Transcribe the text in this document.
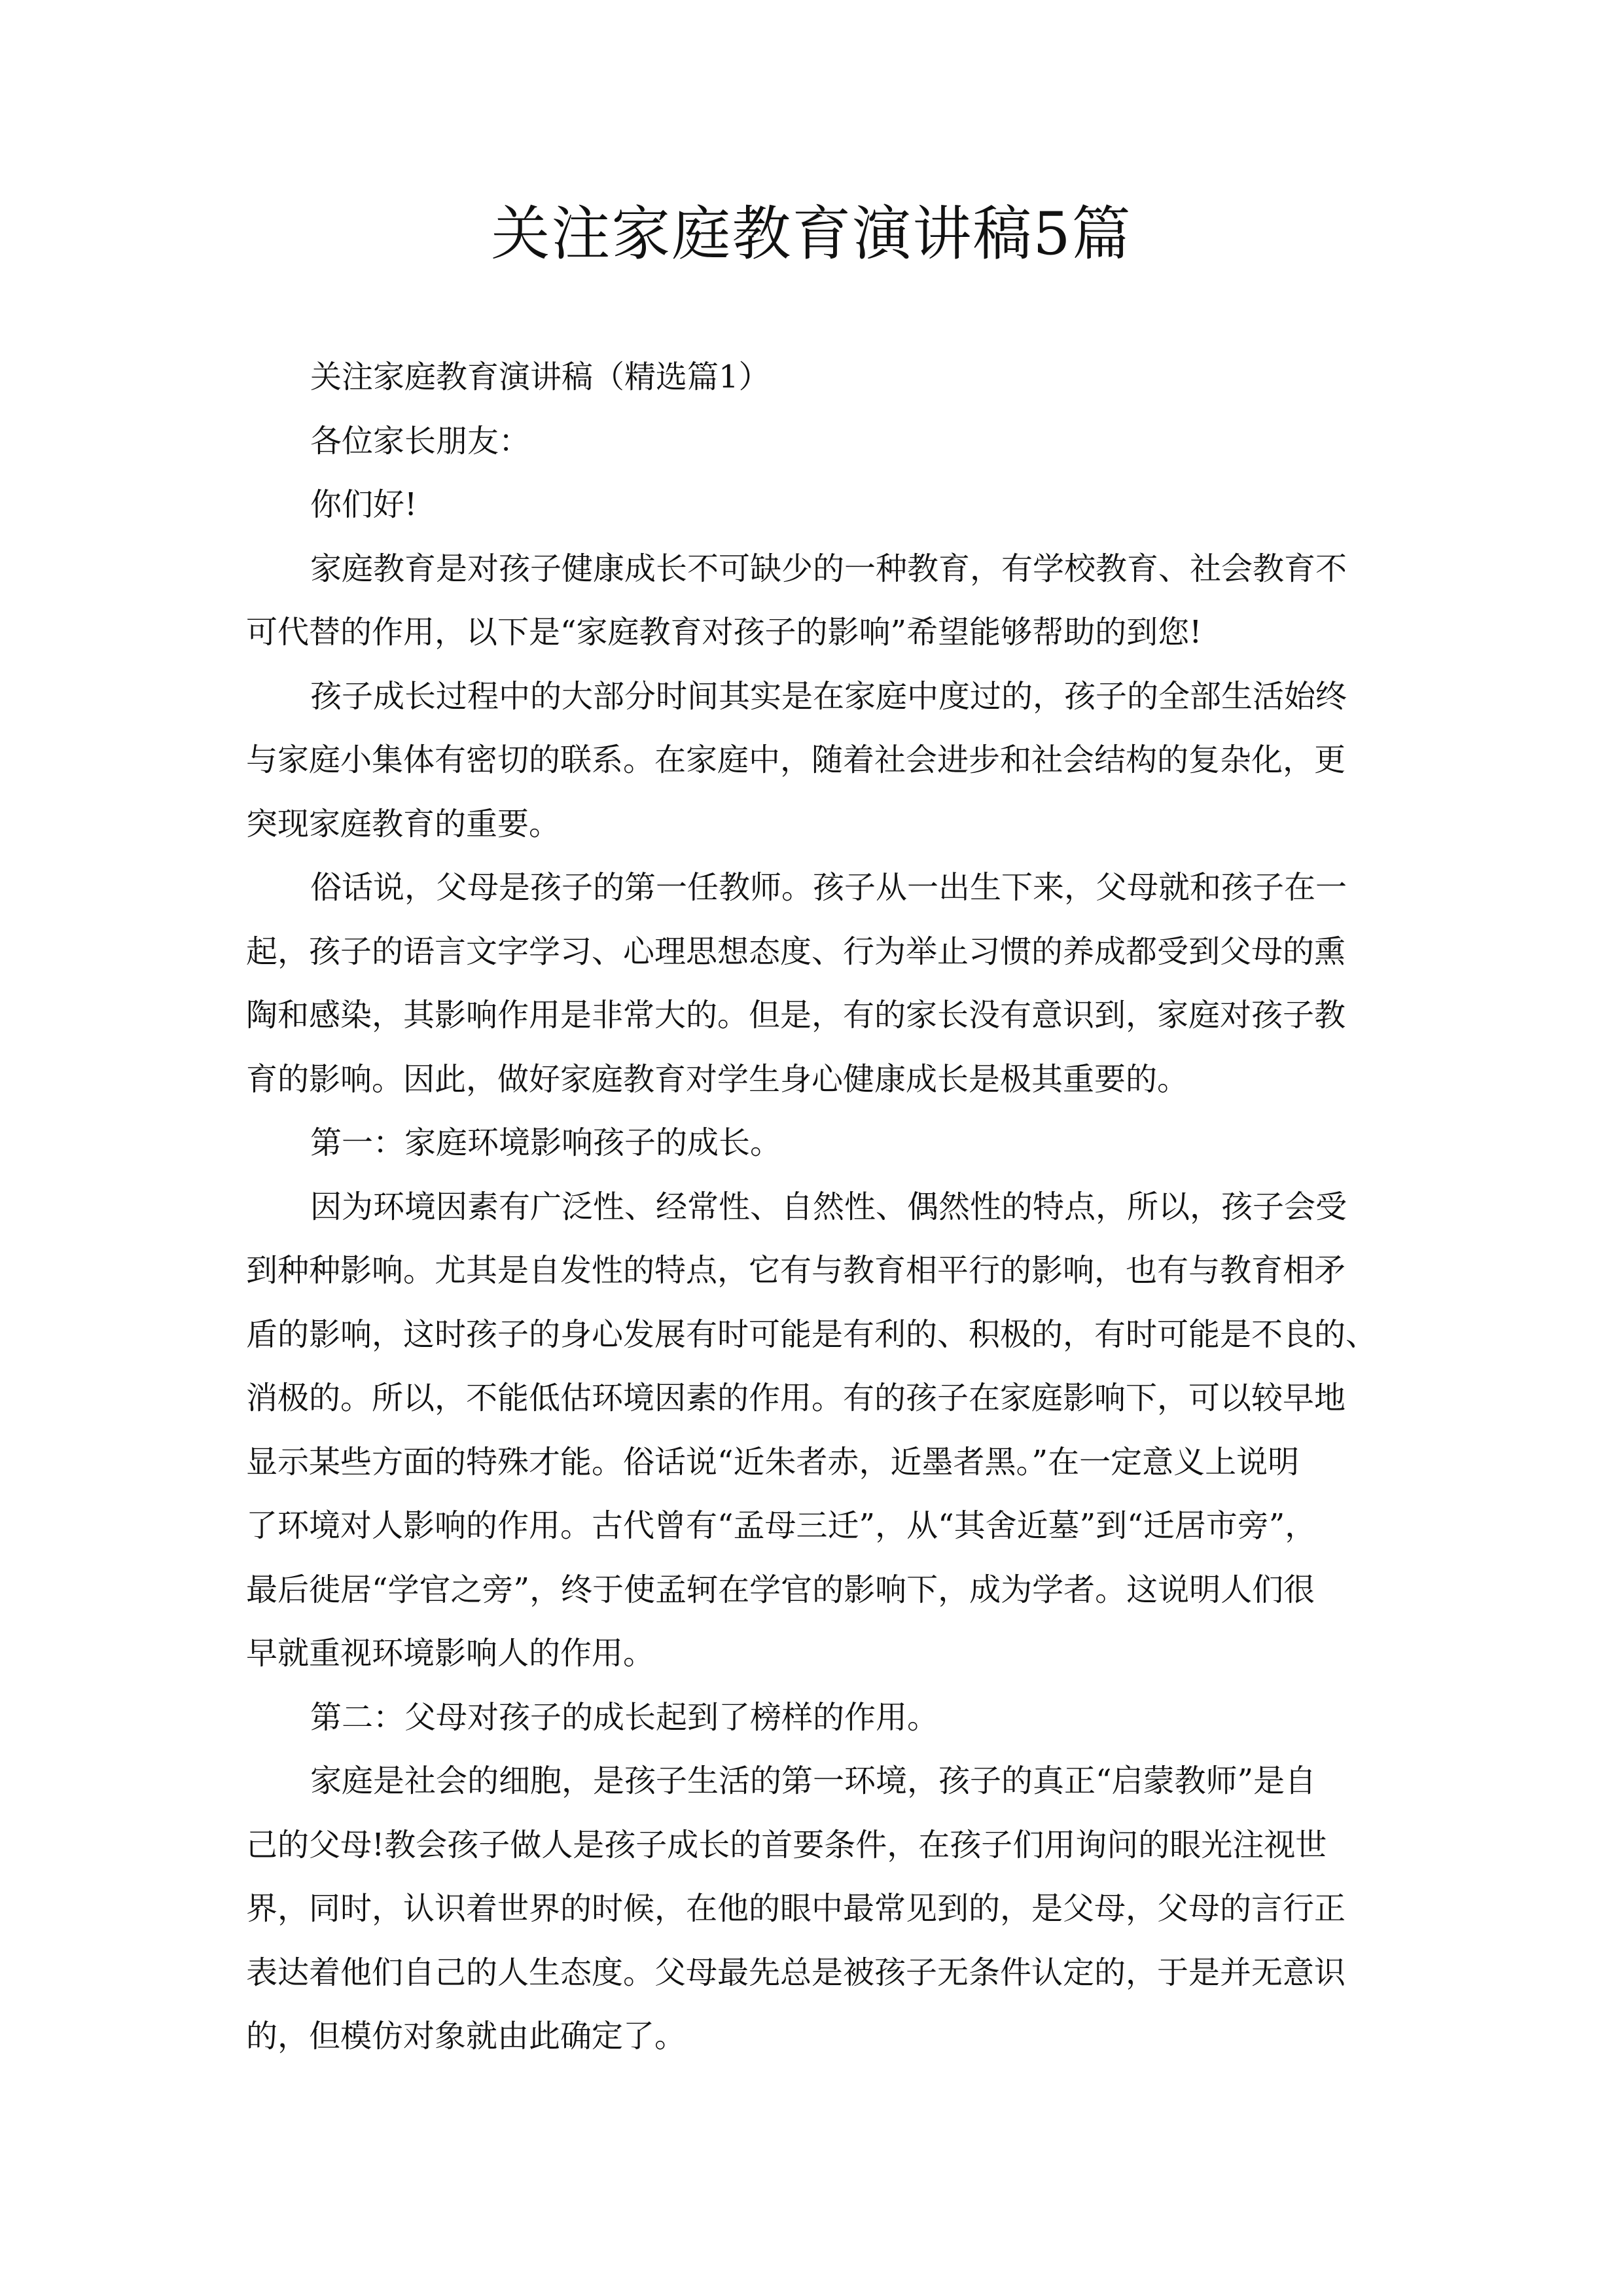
关注家庭教育演讲稿5篇
关注家庭教育演讲稿（精选篇1）
各位家长朋友：
你们好!
家庭教育是对孩子健康成长不可缺少的一种教育，有学校教育、社会教育不
可代替的作用，以下是“家庭教育对孩子的影响”希望能够帮助的到您!
孩子成长过程中的大部分时间其实是在家庭中度过的，孩子的全部生活始终
与家庭小集体有密切的联系。在家庭中，随着社会进步和社会结构的复杂化，更
突现家庭教育的重要。
俗话说，父母是孩子的第一任教师。孩子从一出生下来，父母就和孩子在一
起，孩子的语言文字学习、心理思想态度、行为举止习惯的养成都受到父母的熏
陶和感染，其影响作用是非常大的。但是，有的家长没有意识到，家庭对孩子教
育的影响。因此，做好家庭教育对学生身心健康成长是极其重要的。
第一：家庭环境影响孩子的成长。
因为环境因素有广泛性、经常性、自然性、偶然性的特点，所以，孩子会受
到种种影响。尤其是自发性的特点，它有与教育相平行的影响，也有与教育相矛
盾的影响，这时孩子的身心发展有时可能是有利的、积极的，有时可能是不良的、
消极的。所以，不能低估环境因素的作用。有的孩子在家庭影响下，可以较早地
显示某些方面的特殊才能。俗话说“近朱者赤，近墨者黑。”在一定意义上说明
了环境对人影响的作用。古代曾有“孟母三迁”，从“其舍近墓”到“迁居市旁”，
最后徙居“学官之旁”，终于使孟轲在学官的影响下，成为学者。这说明人们很
早就重视环境影响人的作用。
第二：父母对孩子的成长起到了榜样的作用。
家庭是社会的细胞，是孩子生活的第一环境，孩子的真正“启蒙教师”是自
己的父母!教会孩子做人是孩子成长的首要条件，在孩子们用询问的眼光注视世
界，同时，认识着世界的时候，在他的眼中最常见到的，是父母，父母的言行正
表达着他们自己的人生态度。父母最先总是被孩子无条件认定的，于是并无意识
的，但模仿对象就由此确定了。
